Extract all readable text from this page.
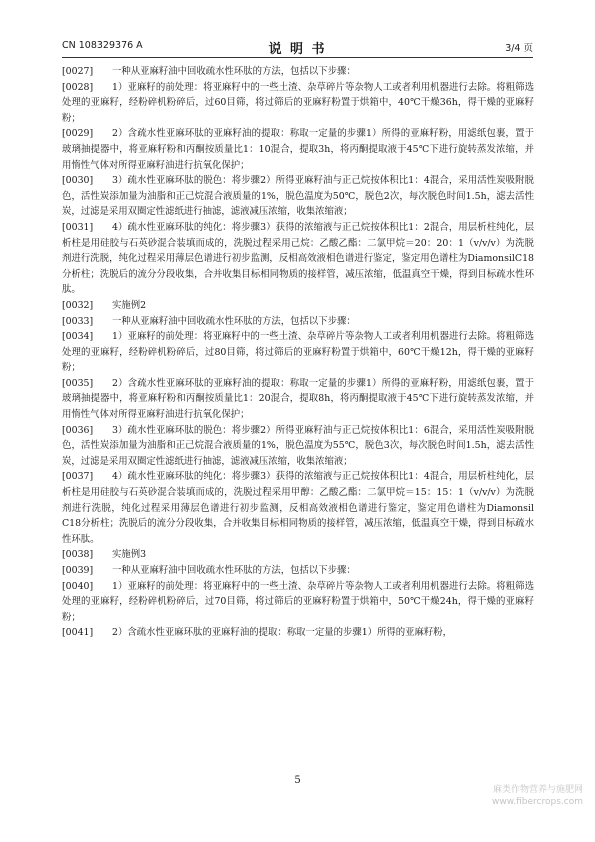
CN 108329376 A	说 明 书	3/4 页

[0027] 一种从亚麻籽油中回收疏水性环肽的方法，包括以下步骤：

[0028] 1）亚麻籽的前处理：将亚麻籽中的一些土渣、杂草碎片等杂物人工或者利用机器进行去除。将粗筛选处理的亚麻籽，经粉碎机粉碎后，过60目筛，将过筛后的亚麻籽粉置于烘箱中，40℃干燥36h，得干燥的亚麻籽粉；

[0029] 2）含疏水性亚麻环肽的亚麻籽油的提取：称取一定量的步骤1）所得的亚麻籽粉，用滤纸包裹，置于玻璃抽提器中，将亚麻籽粉和丙酮按质量比1：10混合，提取3h，将丙酮提取液于45℃下进行旋转蒸发浓缩，并用惰性气体对所得亚麻籽油进行抗氧化保护；

[0030] 3）疏水性亚麻环肽的脱色：将步骤2）所得亚麻籽油与正己烷按体积比1：4混合，采用活性炭吸附脱色，活性炭添加量为油脂和正己烷混合液质量的1%，脱色温度为50℃，脱色2次，每次脱色时间1.5h，滤去活性炭，过滤是采用双圈定性滤纸进行抽滤，滤液减压浓缩，收集浓缩液；

[0031] 4）疏水性亚麻环肽的纯化：将步骤3）获得的浓缩液与正己烷按体积比1：2混合，用层析柱纯化，层析柱是用硅胶与石英砂混合装填而成的，洗脱过程采用己烷：乙酸乙酯：二氯甲烷＝20：20：1（v/v/v）为洗脱剂进行洗脱，纯化过程采用薄层色谱进行初步监测，反相高效液相色谱进行鉴定，鉴定用色谱柱为DiamonsilC18分析柱；洗脱后的流分分段收集，合并收集目标相同物质的接样管，减压浓缩，低温真空干燥，得到目标疏水性环肽。

[0032] 实施例2

[0033] 一种从亚麻籽油中回收疏水性环肽的方法，包括以下步骤：

[0034] 1）亚麻籽的前处理：将亚麻籽中的一些土渣、杂草碎片等杂物人工或者利用机器进行去除。将粗筛选处理的亚麻籽，经粉碎机粉碎后，过80目筛，将过筛后的亚麻籽粉置于烘箱中，60℃干燥12h，得干燥的亚麻籽粉；

[0035] 2）含疏水性亚麻环肽的亚麻籽油的提取：称取一定量的步骤1）所得的亚麻籽粉，用滤纸包裹，置于玻璃抽提器中，将亚麻籽粉和丙酮按质量比1：20混合，提取8h，将丙酮提取液于45℃下进行旋转蒸发浓缩，并用惰性气体对所得亚麻籽油进行抗氧化保护；

[0036] 3）疏水性亚麻环肽的脱色：将步骤2）所得亚麻籽油与正己烷按体积比1：6混合，采用活性炭吸附脱色，活性炭添加量为油脂和正己烷混合液质量的1%，脱色温度为55℃，脱色3次，每次脱色时间1.5h，滤去活性炭，过滤是采用双圈定性滤纸进行抽滤，滤液减压浓缩，收集浓缩液；

[0037] 4）疏水性亚麻环肽的纯化：将步骤3）获得的浓缩液与正己烷按体积比1：4混合，用层析柱纯化，层析柱是用硅胶与石英砂混合装填而成的，洗脱过程采用甲醇：乙酸乙酯：二氯甲烷＝15：15：1（v/v/v）为洗脱剂进行洗脱，纯化过程采用薄层色谱进行初步监测，反相高效液相色谱进行鉴定，鉴定用色谱柱为Diamonsil C18分析柱；洗脱后的流分分段收集，合并收集目标相同物质的接样管，减压浓缩，低温真空干燥，得到目标疏水性环肽。

[0038] 实施例3

[0039] 一种从亚麻籽油中回收疏水性环肽的方法，包括以下步骤：

[0040] 1）亚麻籽的前处理：将亚麻籽中的一些土渣、杂草碎片等杂物人工或者利用机器进行去除。将粗筛选处理的亚麻籽，经粉碎机粉碎后，过70目筛，将过筛后的亚麻籽粉置于烘箱中，50℃干燥24h，得干燥的亚麻籽粉；

[0041] 2）含疏水性亚麻环肽的亚麻籽油的提取：称取一定量的步骤1）所得的亚麻籽粉，

5
麻类作物营养与施肥网
www.fibercrops.com
